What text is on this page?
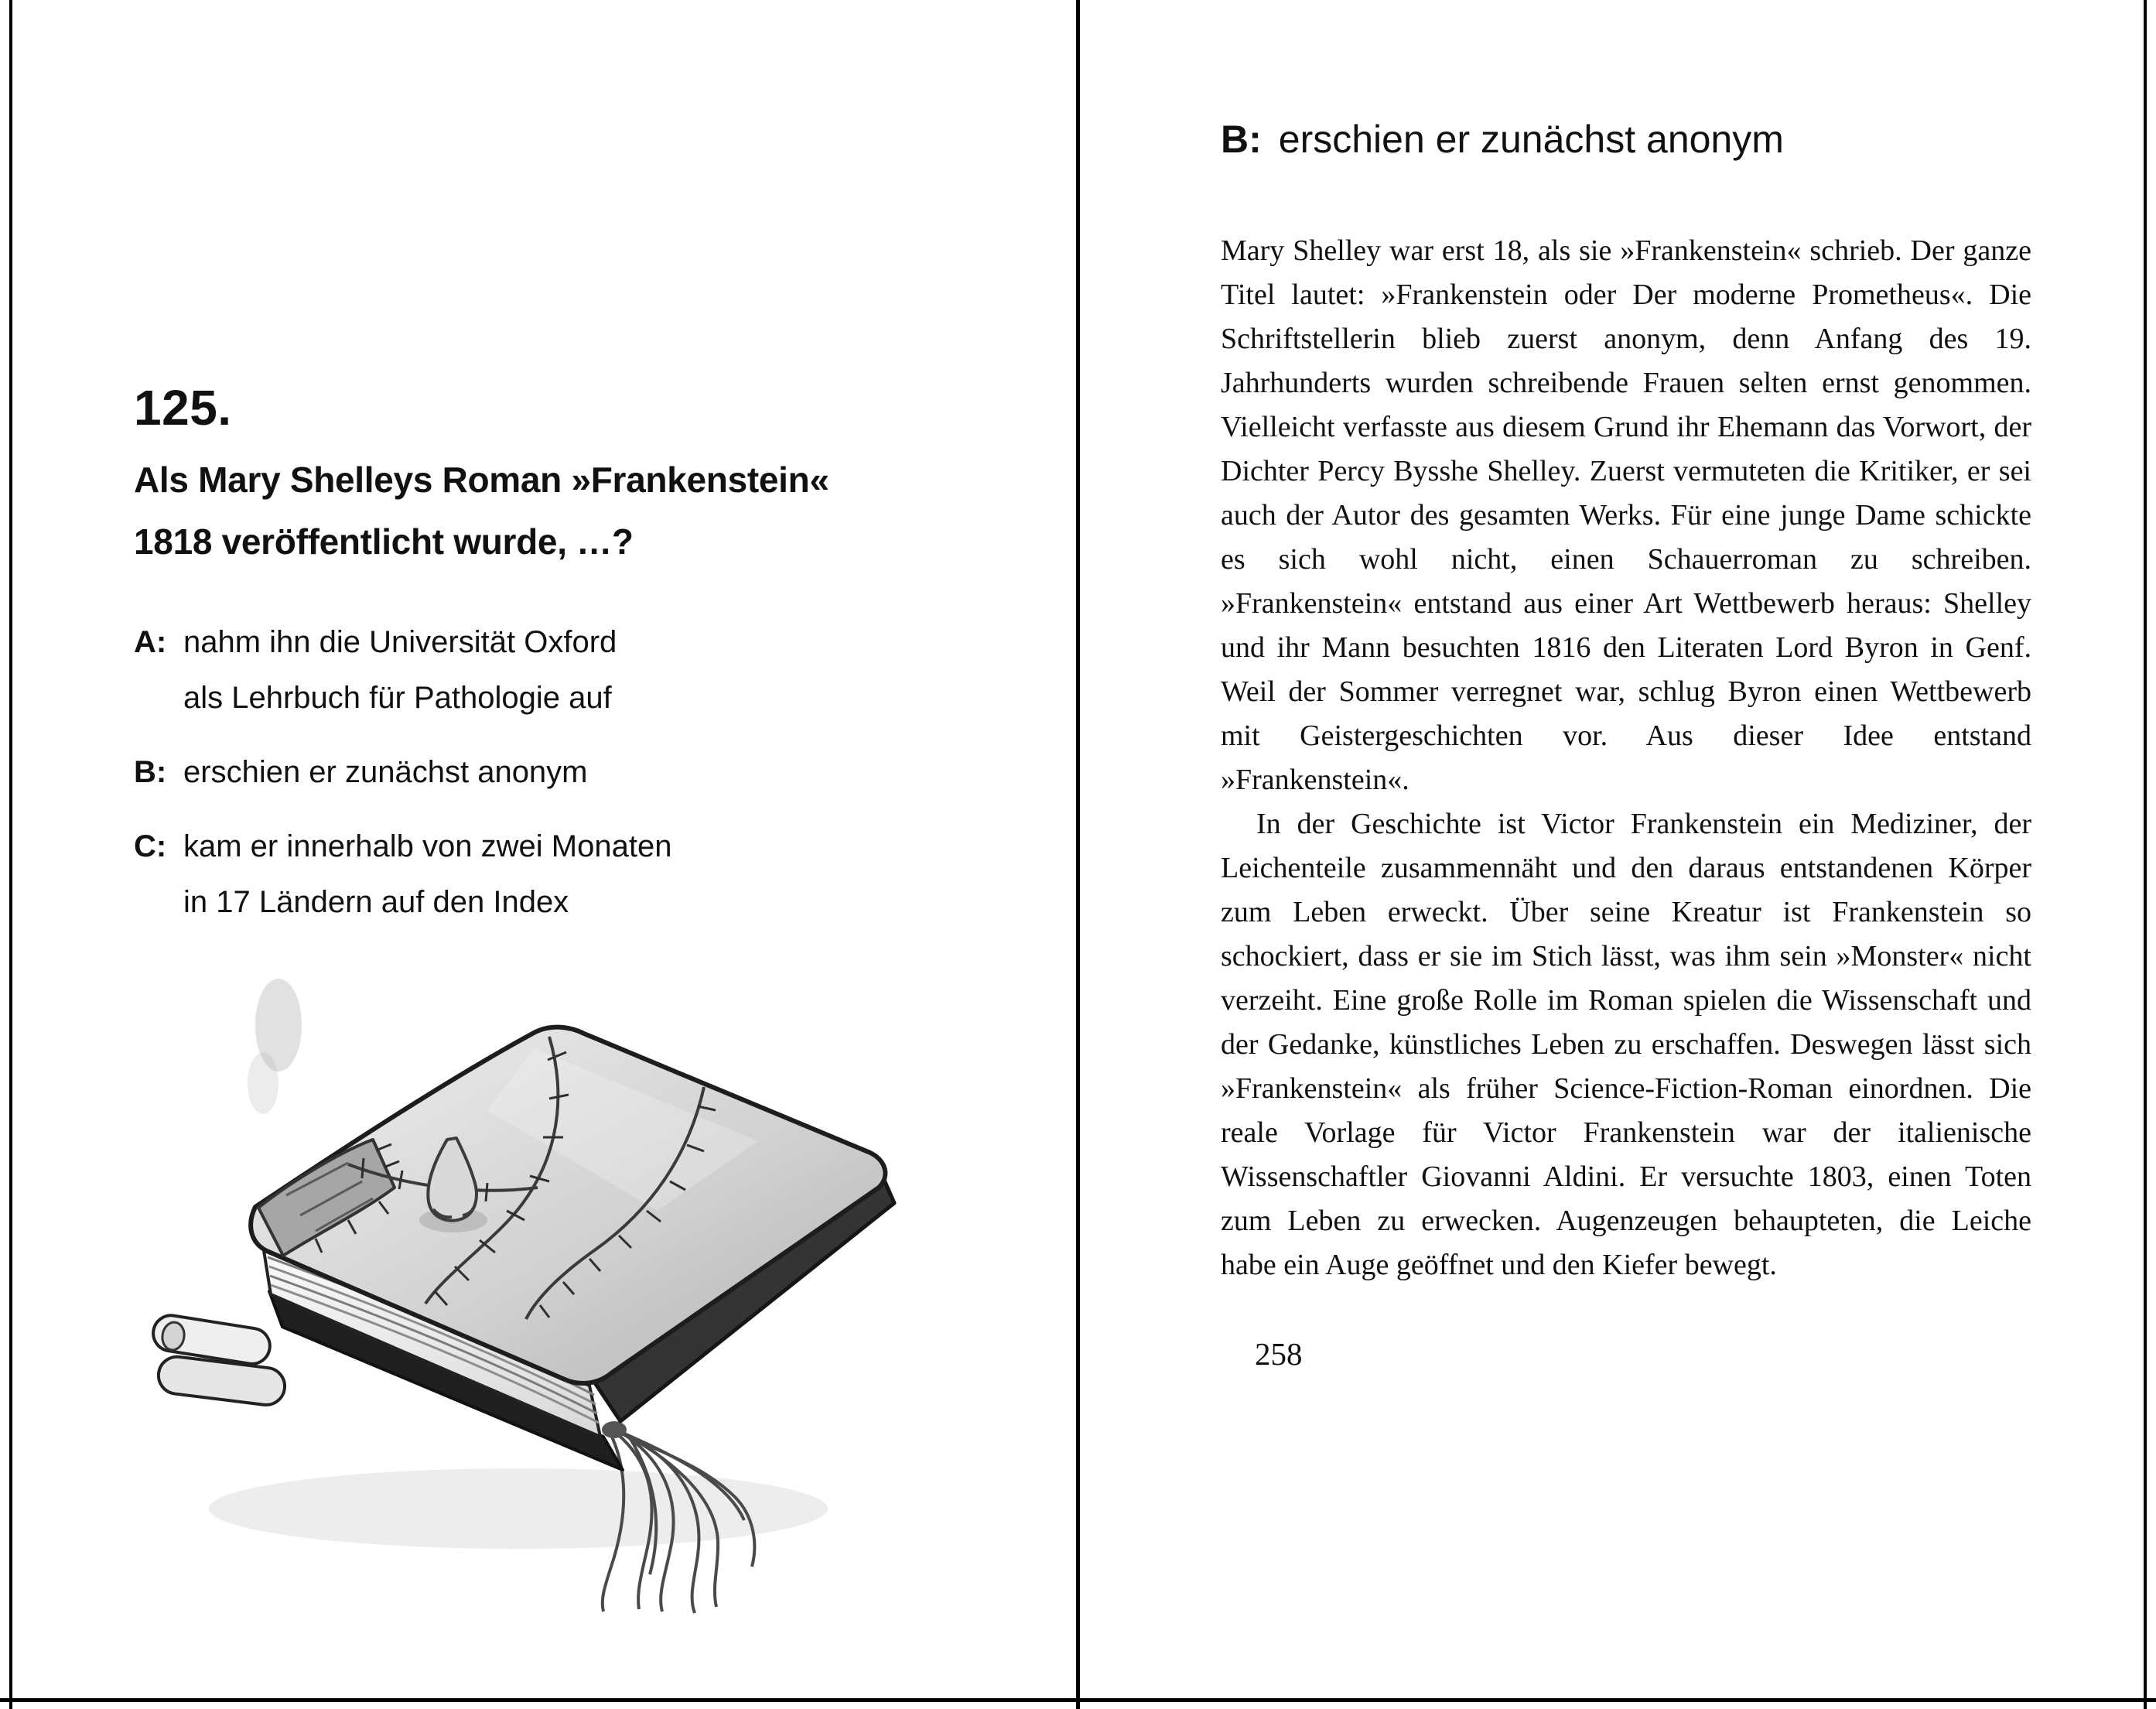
125.
Als Mary Shelleys Roman »Frankenstein«
1818 veröffentlicht wurde, …?
A: nahm ihn die Universität Oxford
als Lehrbuch für Pathologie auf
B: erschien er zunächst anonym
C: kam er innerhalb von zwei Monaten
in 17 Ländern auf den Index
B: erschien er zunächst anonym

Mary Shelley war erst 18, als sie »Frankenstein« schrieb. Der ganze Titel lautet: »Frankenstein oder Der moderne Prometheus«. Die Schriftstellerin blieb zuerst anonym, denn Anfang des 19. Jahrhunderts wurden schreibende Frauen selten ernst genommen. Vielleicht verfasste aus diesem Grund ihr Ehemann das Vorwort, der Dichter Percy Bysshe Shelley. Zuerst vermuteten die Kritiker, er sei auch der Autor des gesamten Werks. Für eine junge Dame schickte es sich wohl nicht, einen Schauerroman zu schreiben. »Frankenstein« entstand aus einer Art Wettbewerb heraus: Shelley und ihr Mann besuchten 1816 den Literaten Lord Byron in Genf. Weil der Sommer verregnet war, schlug Byron einen Wettbewerb mit Geistergeschichten vor. Aus dieser Idee entstand »Frankenstein«.

In der Geschichte ist Victor Frankenstein ein Mediziner, der Leichenteile zusammennäht und den daraus entstandenen Körper zum Leben erweckt. Über seine Kreatur ist Frankenstein so schockiert, dass er sie im Stich lässt, was ihm sein »Monster« nicht verzeiht. Eine große Rolle im Roman spielen die Wissenschaft und der Gedanke, künstliches Leben zu erschaffen. Deswegen lässt sich »Frankenstein« als früher Science-Fiction-Roman einordnen. Die reale Vorlage für Victor Frankenstein war der italienische Wissenschaftler Giovanni Aldini. Er versuchte 1803, einen Toten zum Leben zu erwecken. Augenzeugen behaupteten, die Leiche habe ein Auge geöffnet und den Kiefer bewegt.

258
